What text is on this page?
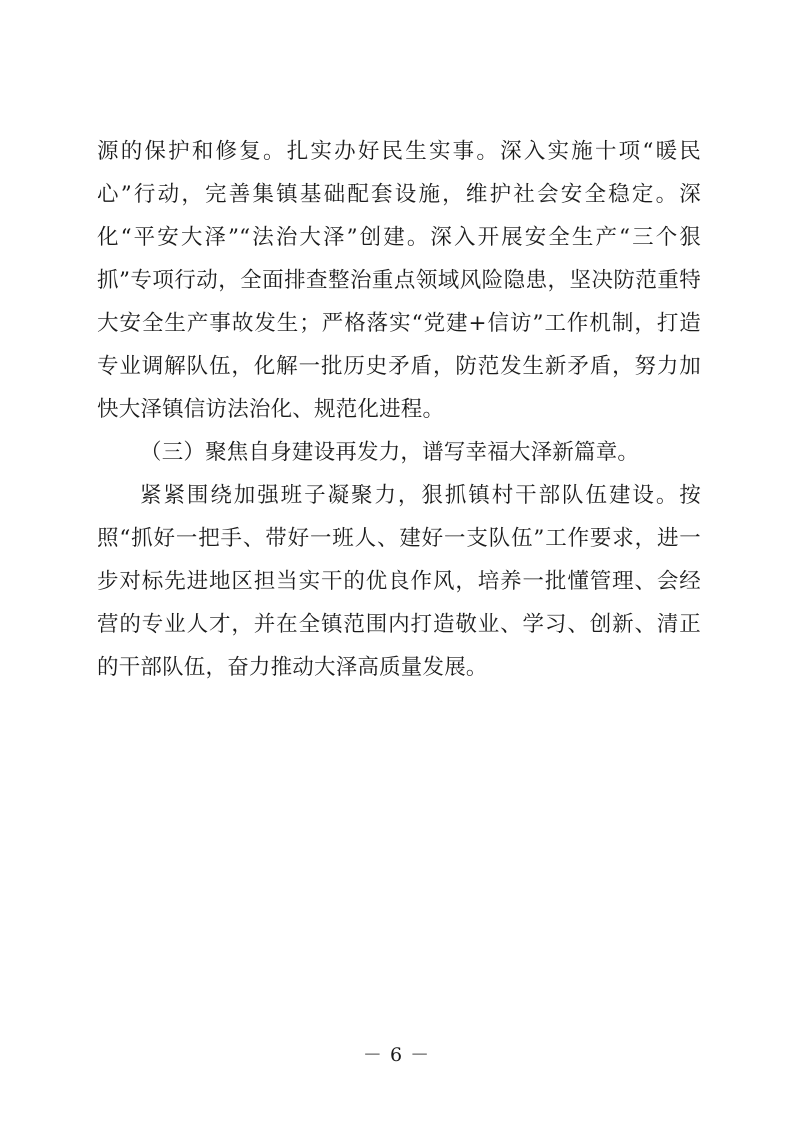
源的保护和修复。扎实办好民生实事。深入实施十项“暖民心”行动，完善集镇基础配套设施，维护社会安全稳定。深化“平安大泽”“法治大泽”创建。深入开展安全生产“三个狠抓”专项行动，全面排查整治重点领域风险隐患，坚决防范重特大安全生产事故发生；严格落实“党建+信访”工作机制，打造专业调解队伍，化解一批历史矛盾，防范发生新矛盾，努力加快大泽镇信访法治化、规范化进程。

（三）聚焦自身建设再发力，谱写幸福大泽新篇章。

紧紧围绕加强班子凝聚力，狠抓镇村干部队伍建设。按照“抓好一把手、带好一班人、建好一支队伍”工作要求，进一步对标先进地区担当实干的优良作风，培养一批懂管理、会经营的专业人才，并在全镇范围内打造敬业、学习、创新、清正的干部队伍，奋力推动大泽高质量发展。

－ 6 －
